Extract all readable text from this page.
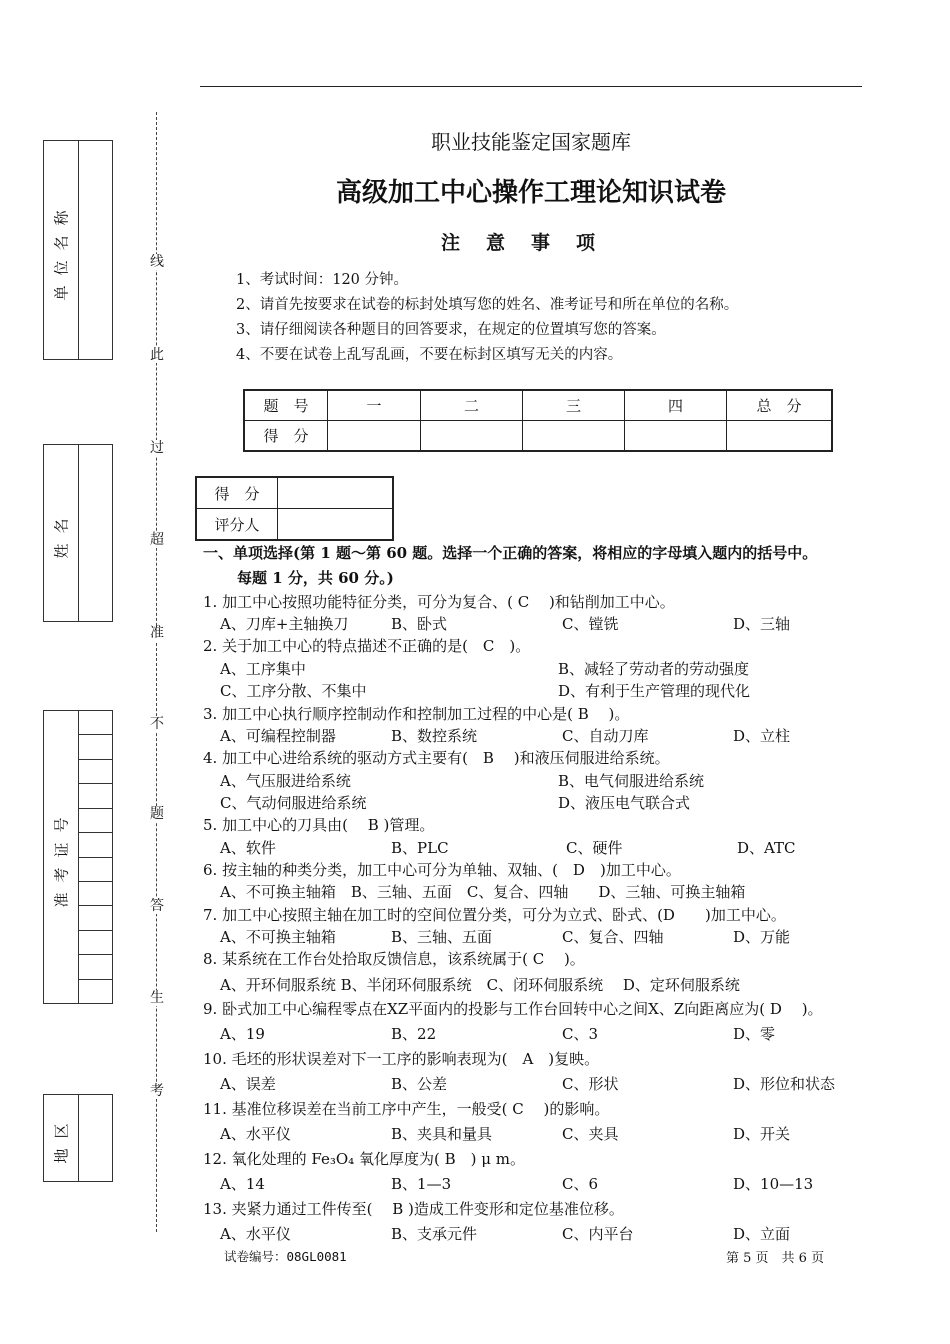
单位名称
姓名
准考证号
地区
线
此
过
超
准
不
题
答
生
考
职业技能鉴定国家题库
高级加工中心操作工理论知识试卷
注意事项
1、考试时间：120 分钟。
2、请首先按要求在试卷的标封处填写您的姓名、准考证号和所在单位的名称。
3、请仔细阅读各种题目的回答要求，在规定的位置填写您的答案。
4、不要在试卷上乱写乱画，不要在标封区填写无关的内容。
题　号	一	二	三	四	总　分
得　分					
得　分	
评分人	
一、单项选择(第 1 题～第 60 题。选择一个正确的答案，将相应的字母填入题内的括号中。
每题 1 分，共 60 分。)
1. 加工中心按照功能特征分类，可分为复合、( C　 )和钻削加工中心。
A、刀库+主轴换刀	B、卧式	C、镗铣	D、三轴
2. 关于加工中心的特点描述不正确的是(　C　)。
A、工序集中	B、减轻了劳动者的劳动强度
C、工序分散、不集中	D、有利于生产管理的现代化
3. 加工中心执行顺序控制动作和控制加工过程的中心是( B　 )。
A、可编程控制器	B、数控系统	C、自动刀库	D、立柱
4. 加工中心进给系统的驱动方式主要有(　B　 )和液压伺服进给系统。
A、气压服进给系统	B、电气伺服进给系统
C、气动伺服进给系统	D、液压电气联合式
5. 加工中心的刀具由(　 B )管理。
A、软件	B、PLC	C、硬件	D、ATC
6. 按主轴的种类分类，加工中心可分为单轴、双轴、(　D　)加工中心。
A、不可换主轴箱　B、三轴、五面　C、复合、四轴　　D、三轴、可换主轴箱
7. 加工中心按照主轴在加工时的空间位置分类，可分为立式、卧式、(D　　)加工中心。
A、不可换主轴箱	B、三轴、五面	C、复合、四轴	D、万能
8. 某系统在工作台处拾取反馈信息，该系统属于( C　 )。
A、开环伺服系统 B、半闭环伺服系统　C、闭环伺服系统　 D、定环伺服系统
9. 卧式加工中心编程零点在XZ平面内的投影与工作台回转中心之间X、Z向距离应为( D　 )。
A、19	B、22	C、3	D、零
10. 毛坯的形状误差对下一工序的影响表现为(　A　)复映。
A、误差	B、公差	C、形状	D、形位和状态
11. 基准位移误差在当前工序中产生，一般受( C　 )的影响。
A、水平仪	B、夹具和量具	C、夹具	D、开关
12. 氧化处理的 Fe₃O₄ 氧化厚度为( B　) μ m。
A、14	B、1—3	C、6	D、10—13
13. 夹紧力通过工件传至(　 B )造成工件变形和定位基准位移。
A、水平仪	B、支承元件	C、内平台	D、立面
试卷编号：08GL0081	第 5 页　共 6 页
